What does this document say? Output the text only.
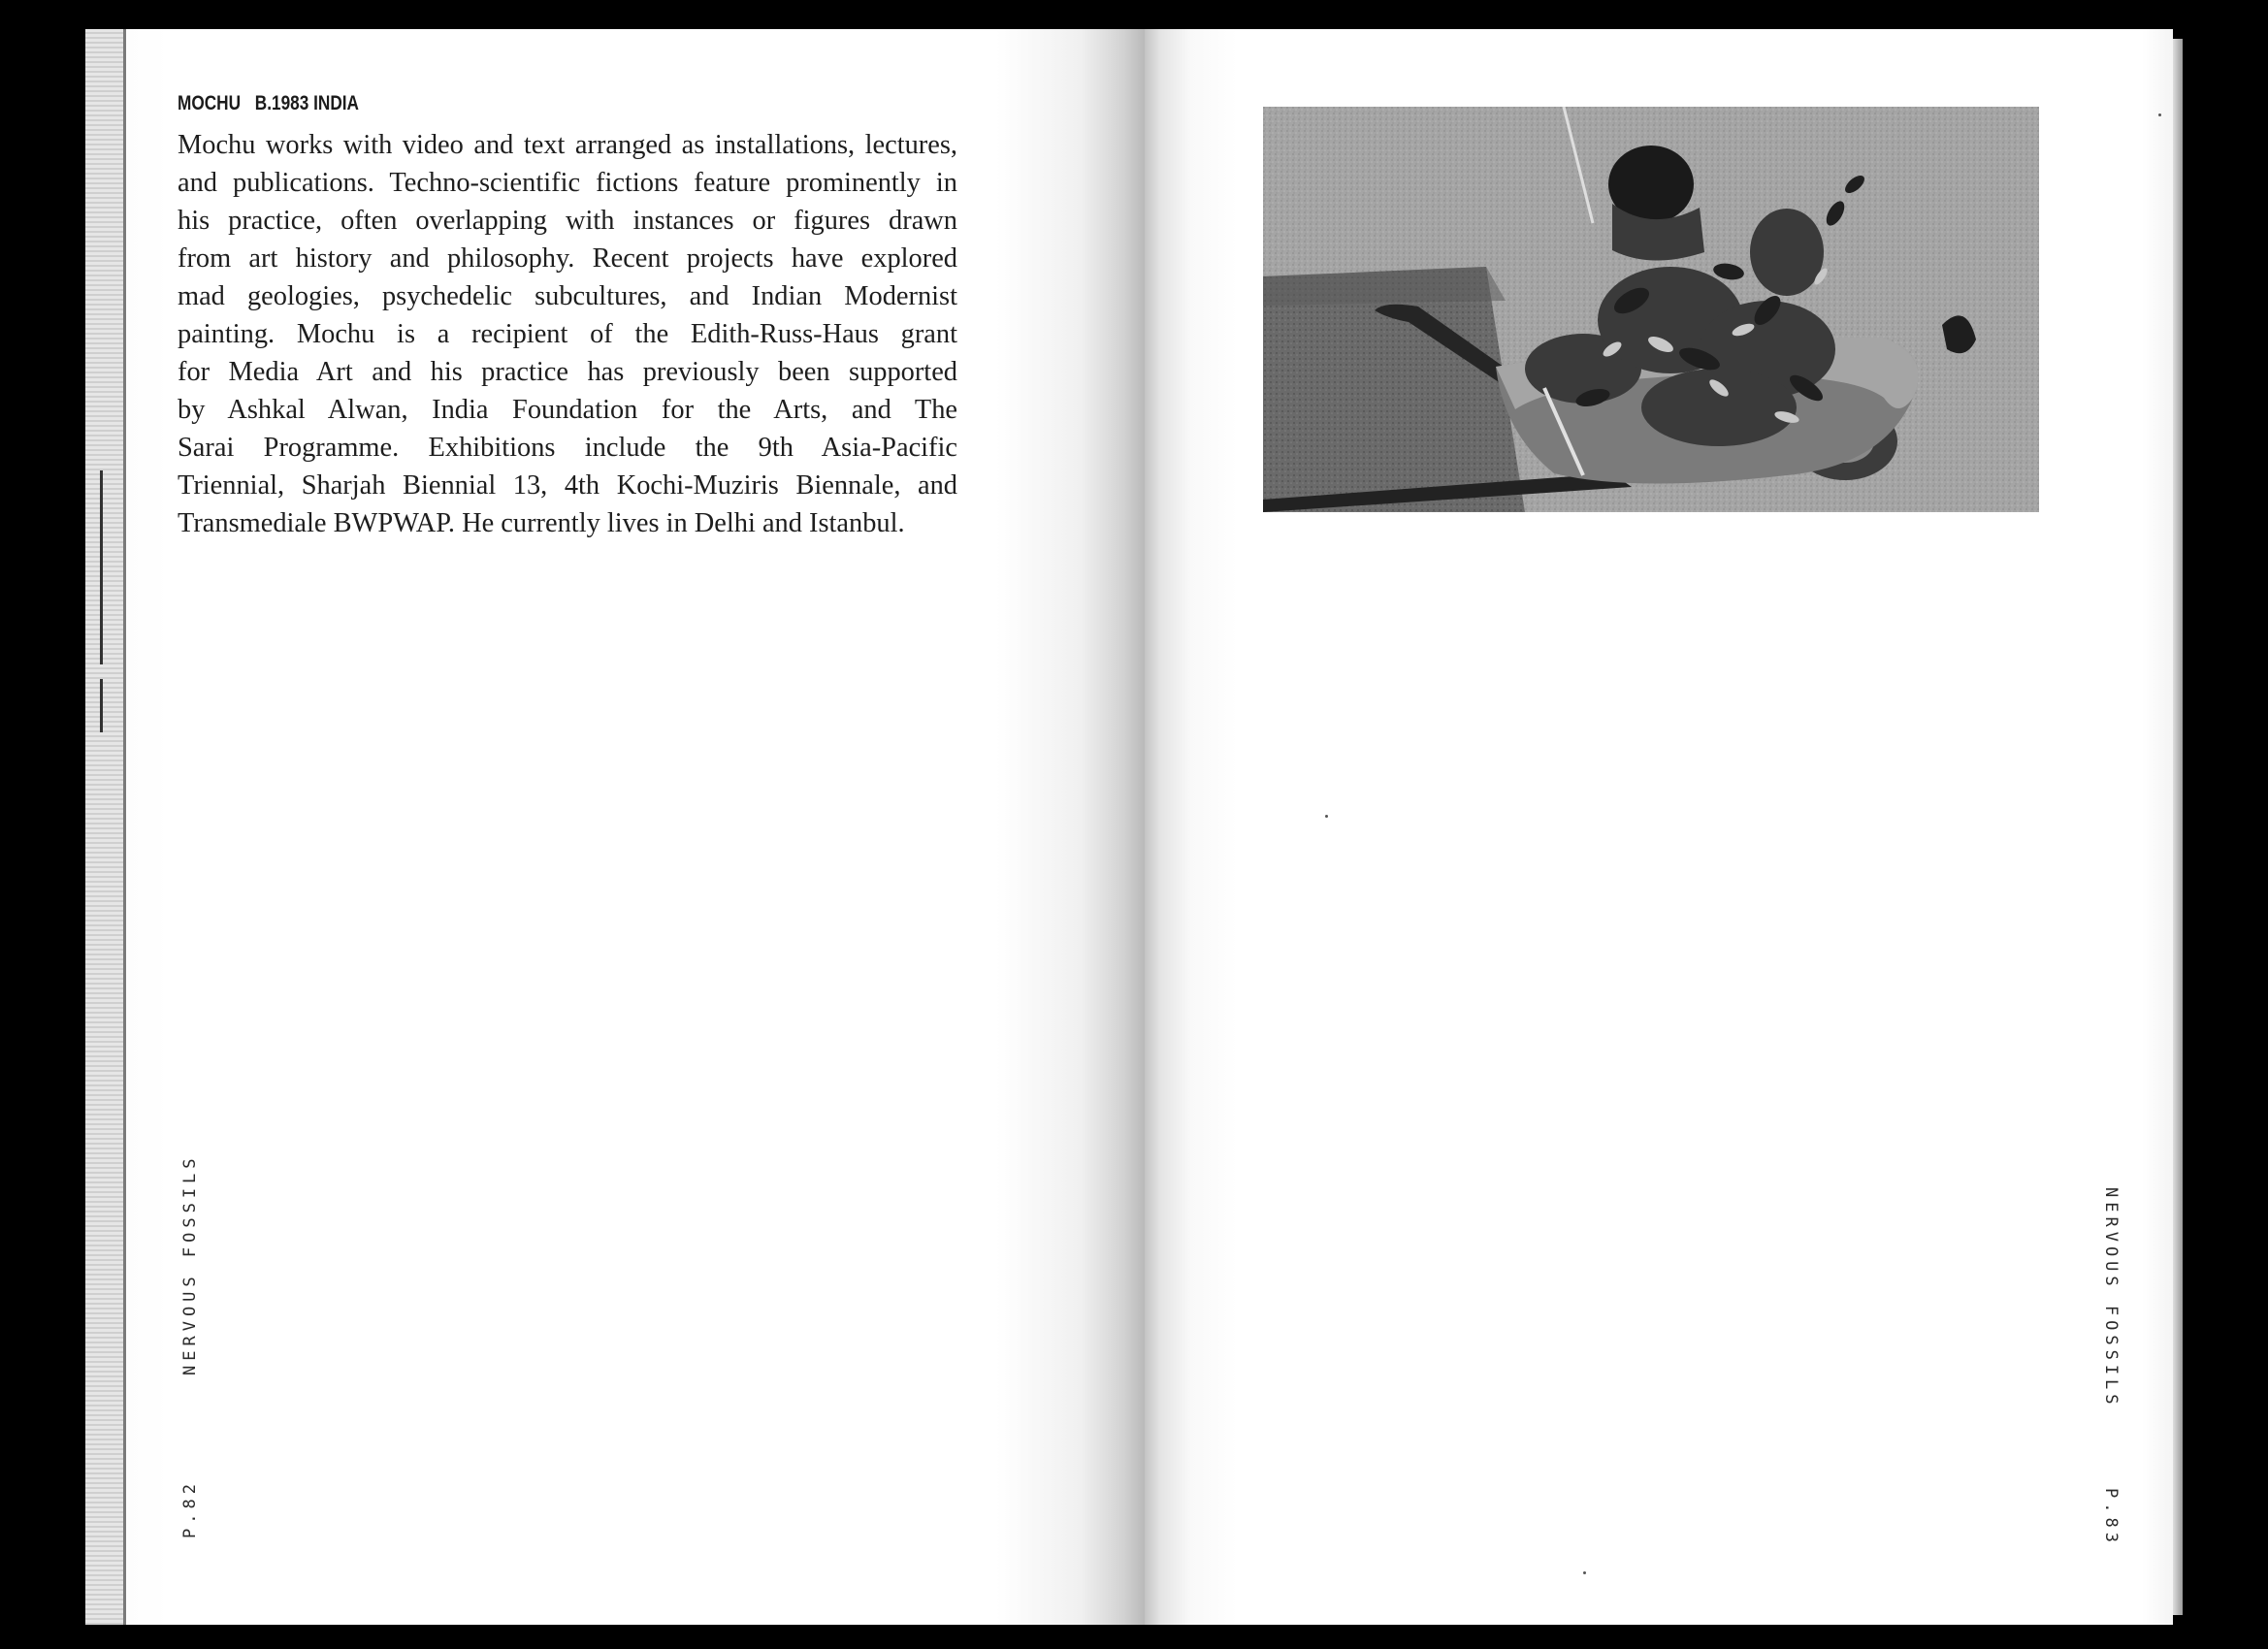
MOCHU B.1983 INDIA

Mochu works with video and text arranged as installations, lectures,
and publications. Techno-scientific fictions feature prominently in
his practice, often overlapping with instances or figures drawn
from art history and philosophy. Recent projects have explored
mad geologies, psychedelic subcultures, and Indian Modernist
painting. Mochu is a recipient of the Edith-Russ-Haus grant
for Media Art and his practice has previously been supported
by Ashkal Alwan, India Foundation for the Arts, and The
Sarai Programme. Exhibitions include the 9th Asia-Pacific
Triennial, Sharjah Biennial 13, 4th Kochi-Muziris Biennale, and
Transmediale BWPWAP. He currently lives in Delhi and Istanbul.

NERVOUS FOSSILS
P.82
NERVOUS FOSSILS
P.83
